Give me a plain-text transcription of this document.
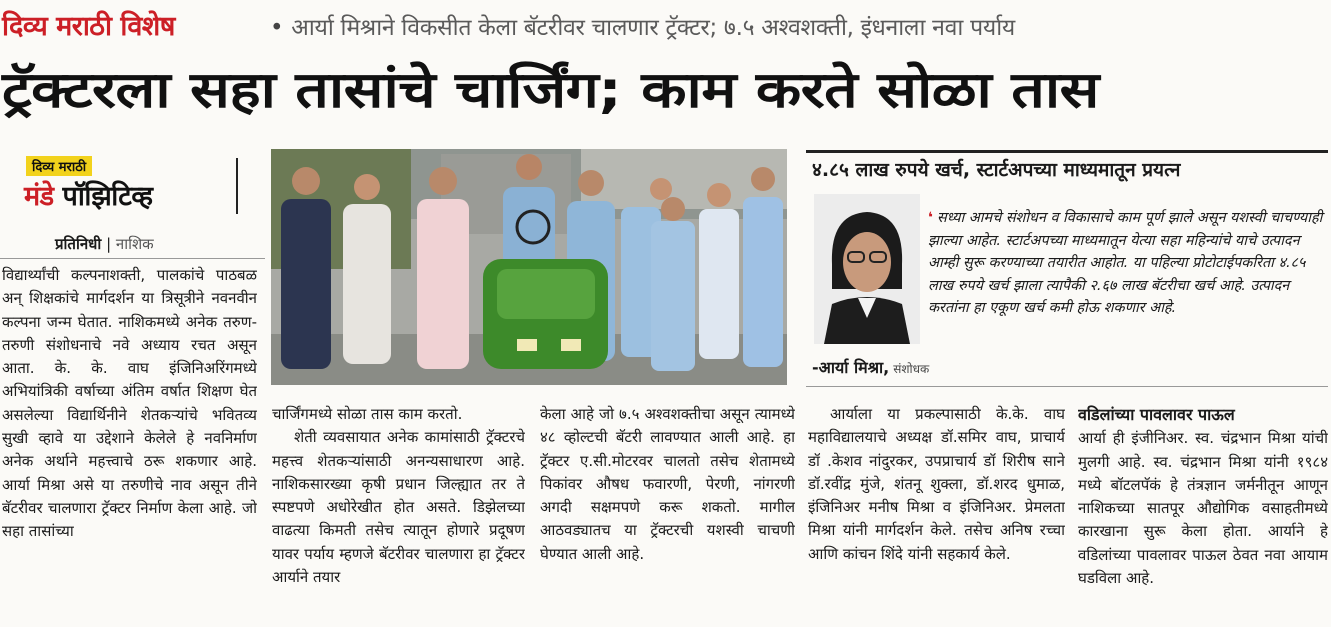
दिव्य मराठी विशेष	• आर्या मिश्राने विकसीत केला बॅटरीवर चालणार ट्रॅक्टर; ७.५ अश्वशक्ती, इंधनाला नवा पर्याय
ट्रॅक्टरला सहा तासांचे चार्जिंग; काम करते सोळा तास
दिव्य मराठी
मंडे पॉझिटिव्ह
प्रतिनिधी | नाशिक

विद्यार्थ्यांची कल्पनाशक्ती, पालकांचे पाठबळ अन् शिक्षकांचे मार्गदर्शन या त्रिसूत्रीने नवनवीन कल्पना जन्म घेतात. नाशिकमध्ये अनेक तरुण-तरुणी संशोधनाचे नवे अध्याय रचत असून आता. के. के. वाघ इंजिनिअरिंगमध्ये अभियांत्रिकी वर्षाच्या अंतिम वर्षात शिक्षण घेत असलेल्या विद्यार्थिनीने शेतकऱ्यांचे भवितव्य सुखी व्हावे या उद्देशाने केलेले हे नवनिर्माण अनेक अर्थाने महत्त्वाचे ठरू शकणार आहे. आर्या मिश्रा असे या तरुणीचे नाव असून तीने बॅटरीवर चालणारा ट्रॅक्टर निर्माण केला आहे. जो सहा तासांच्या

चार्जिंगमध्ये सोळा तास काम करतो.

शेती व्यवसायात अनेक कामांसाठी ट्रॅक्टरचे महत्त्व शेतकऱ्यांसाठी अनन्यसाधारण आहे. नाशिकसारख्या कृषी प्रधान जिल्ह्यात तर ते स्पष्टपणे अधोरेखीत होत असते. डिझेलच्या वाढत्या किमती तसेच त्यातून होणारे प्रदूषण यावर पर्याय म्हणजे बॅटरीवर चालणारा हा ट्रॅक्टर आर्याने तयार

केला आहे जो ७.५ अश्वशक्तीचा असून त्यामध्ये ४८ व्होल्टची बॅटरी लावण्यात आली आहे. हा ट्रॅक्टर ए.सी.मोटरवर चालतो तसेच शेतामध्ये पिकांवर औषध फवारणी, पेरणी, नांगरणी अगदी सक्षमपणे करू शकतो. मागील आठवड्यातच या ट्रॅक्टरची यशस्वी चाचणी घेण्यात आली आहे.

आर्याला या प्रकल्पासाठी के.के. वाघ महाविद्यालयाचे अध्यक्ष डॉ.समिर वाघ, प्राचार्य डॉ .केशव नांदुरकर, उपप्राचार्य डॉ शिरीष साने डॉ.रवींद्र मुंजे, शंतनू शुक्ला, डॉ.शरद धुमाळ, इंजिनिअर मनीष मिश्रा व इंजिनिअर. प्रेमलता मिश्रा यांनी मार्गदर्शन केले. तसेच अनिष रच्चा आणि कांचन शिंदे यांनी सहकार्य केले.

वडिलांच्या पावलावर पाऊल

आर्या ही इंजीनिअर. स्व. चंद्रभान मिश्रा यांची मुलगी आहे. स्व. चंद्रभान मिश्रा यांनी १९८४ मध्ये बॉटलपॅकं हे तंत्रज्ञान जर्मनीतून आणून नाशिकच्या सातपूर औद्योगिक वसाहतीमध्ये कारखाना सुरू केला होता. आर्याने हे वडिलांच्या पावलावर पाऊल ठेवत नवा आयाम घडविला आहे.

४.८५ लाख रुपये खर्च, स्टार्टअपच्या माध्यमातून प्रयत्न
❛ सध्या आमचे संशोधन व विकासाचे काम पूर्ण झाले असून यशस्वी चाचण्याही झाल्या आहेत. स्टार्टअपच्या माध्यमातून येत्या सहा महिन्यांचे याचे उत्पादन आम्ही सुरू करण्याच्या तयारीत आहोत. या पहिल्या प्रोटोटाईपकरिता ४.८५ लाख रुपये खर्च झाला त्यापैकी २.६७ लाख बॅटरीचा खर्च आहे. उत्पादन करतांना हा एकूण खर्च कमी होऊ शकणार आहे.
-आर्या मिश्रा, संशोधक
